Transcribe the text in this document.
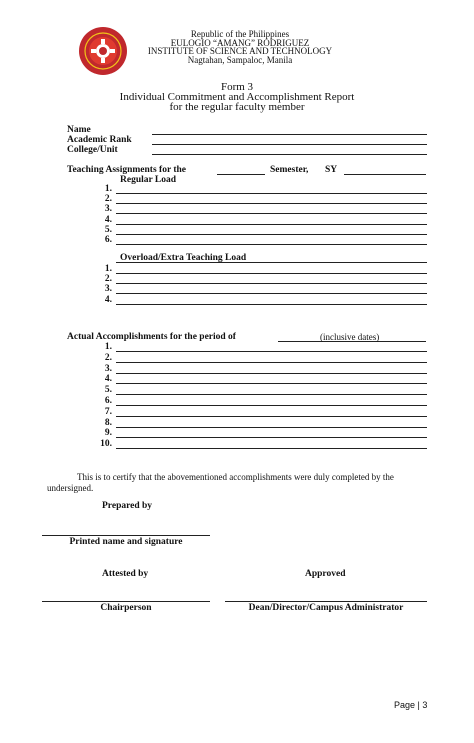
Republic of the Philippines
EULOGIO “AMANG” RODRIGUEZ
INSTITUTE OF SCIENCE AND TECHNOLOGY
Nagtahan, Sampaloc, Manila
Form 3
Individual Commitment and Accomplishment Report
for the regular faculty member
Name
Academic Rank
College/Unit
Teaching Assignments for the	Semester, SY
Regular Load
1.
2.
3.
4.
5.
6.
Overload/Extra Teaching Load
1.
2.
3.
4.
Actual Accomplishments for the period of	(inclusive dates)
1.
2.
3.
4.
5.
6.
7.
8.
9.
10.
This is to certify that the abovementioned accomplishments were duly completed by the undersigned.
Prepared by
Printed name and signature
Attested by	Approved
Chairperson	Dean/Director/Campus Administrator
Page | 3
